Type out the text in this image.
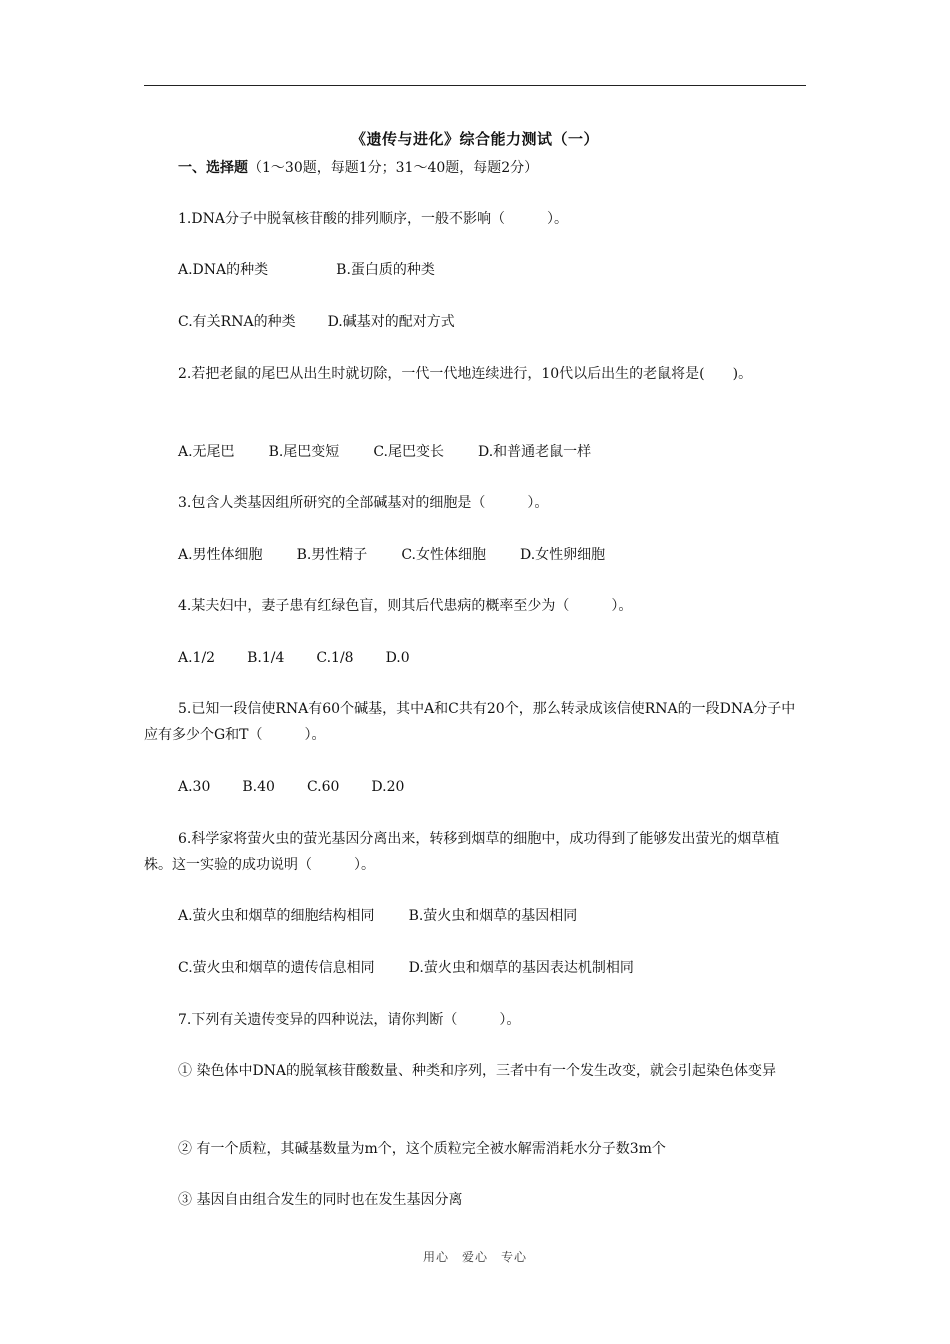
《遗传与进化》综合能力测试（一）
一、选择题（1～30题，每题1分；31～40题，每题2分）
1.DNA分子中脱氧核苷酸的排列顺序，一般不影响（　　　）。
A.DNA的种类	B.蛋白质的种类
C.有关RNA的种类 D.碱基对的配对方式
2.若把老鼠的尾巴从出生时就切除，一代一代地连续进行，10代以后出生的老鼠将是(　　)。
A.无尾巴 B.尾巴变短 C.尾巴变长 D.和普通老鼠一样
3.包含人类基因组所研究的全部碱基对的细胞是（　　　）。
A.男性体细胞 B.男性精子 C.女性体细胞 D.女性卵细胞
4.某夫妇中，妻子患有红绿色盲，则其后代患病的概率至少为（　　　）。
A.1/2 B.1/4 C.1/8 D.0
5.已知一段信使RNA有60个碱基，其中A和C共有20个，那么转录成该信使RNA的一段DNA分子中应有多少个G和T（　　　）。
A.30 B.40 C.60 D.20
6.科学家将萤火虫的萤光基因分离出来，转移到烟草的细胞中，成功得到了能够发出萤光的烟草植株。这一实验的成功说明（　　　）。
A.萤火虫和烟草的细胞结构相同 B.萤火虫和烟草的基因相同
C.萤火虫和烟草的遗传信息相同 D.萤火虫和烟草的基因表达机制相同
7.下列有关遗传变异的四种说法，请你判断（　　　）。
① 染色体中DNA的脱氧核苷酸数量、种类和序列，三者中有一个发生改变，就会引起染色体变异
② 有一个质粒，其碱基数量为m个，这个质粒完全被水解需消耗水分子数3m个
③ 基因自由组合发生的同时也在发生基因分离
用心　爱心　专心
